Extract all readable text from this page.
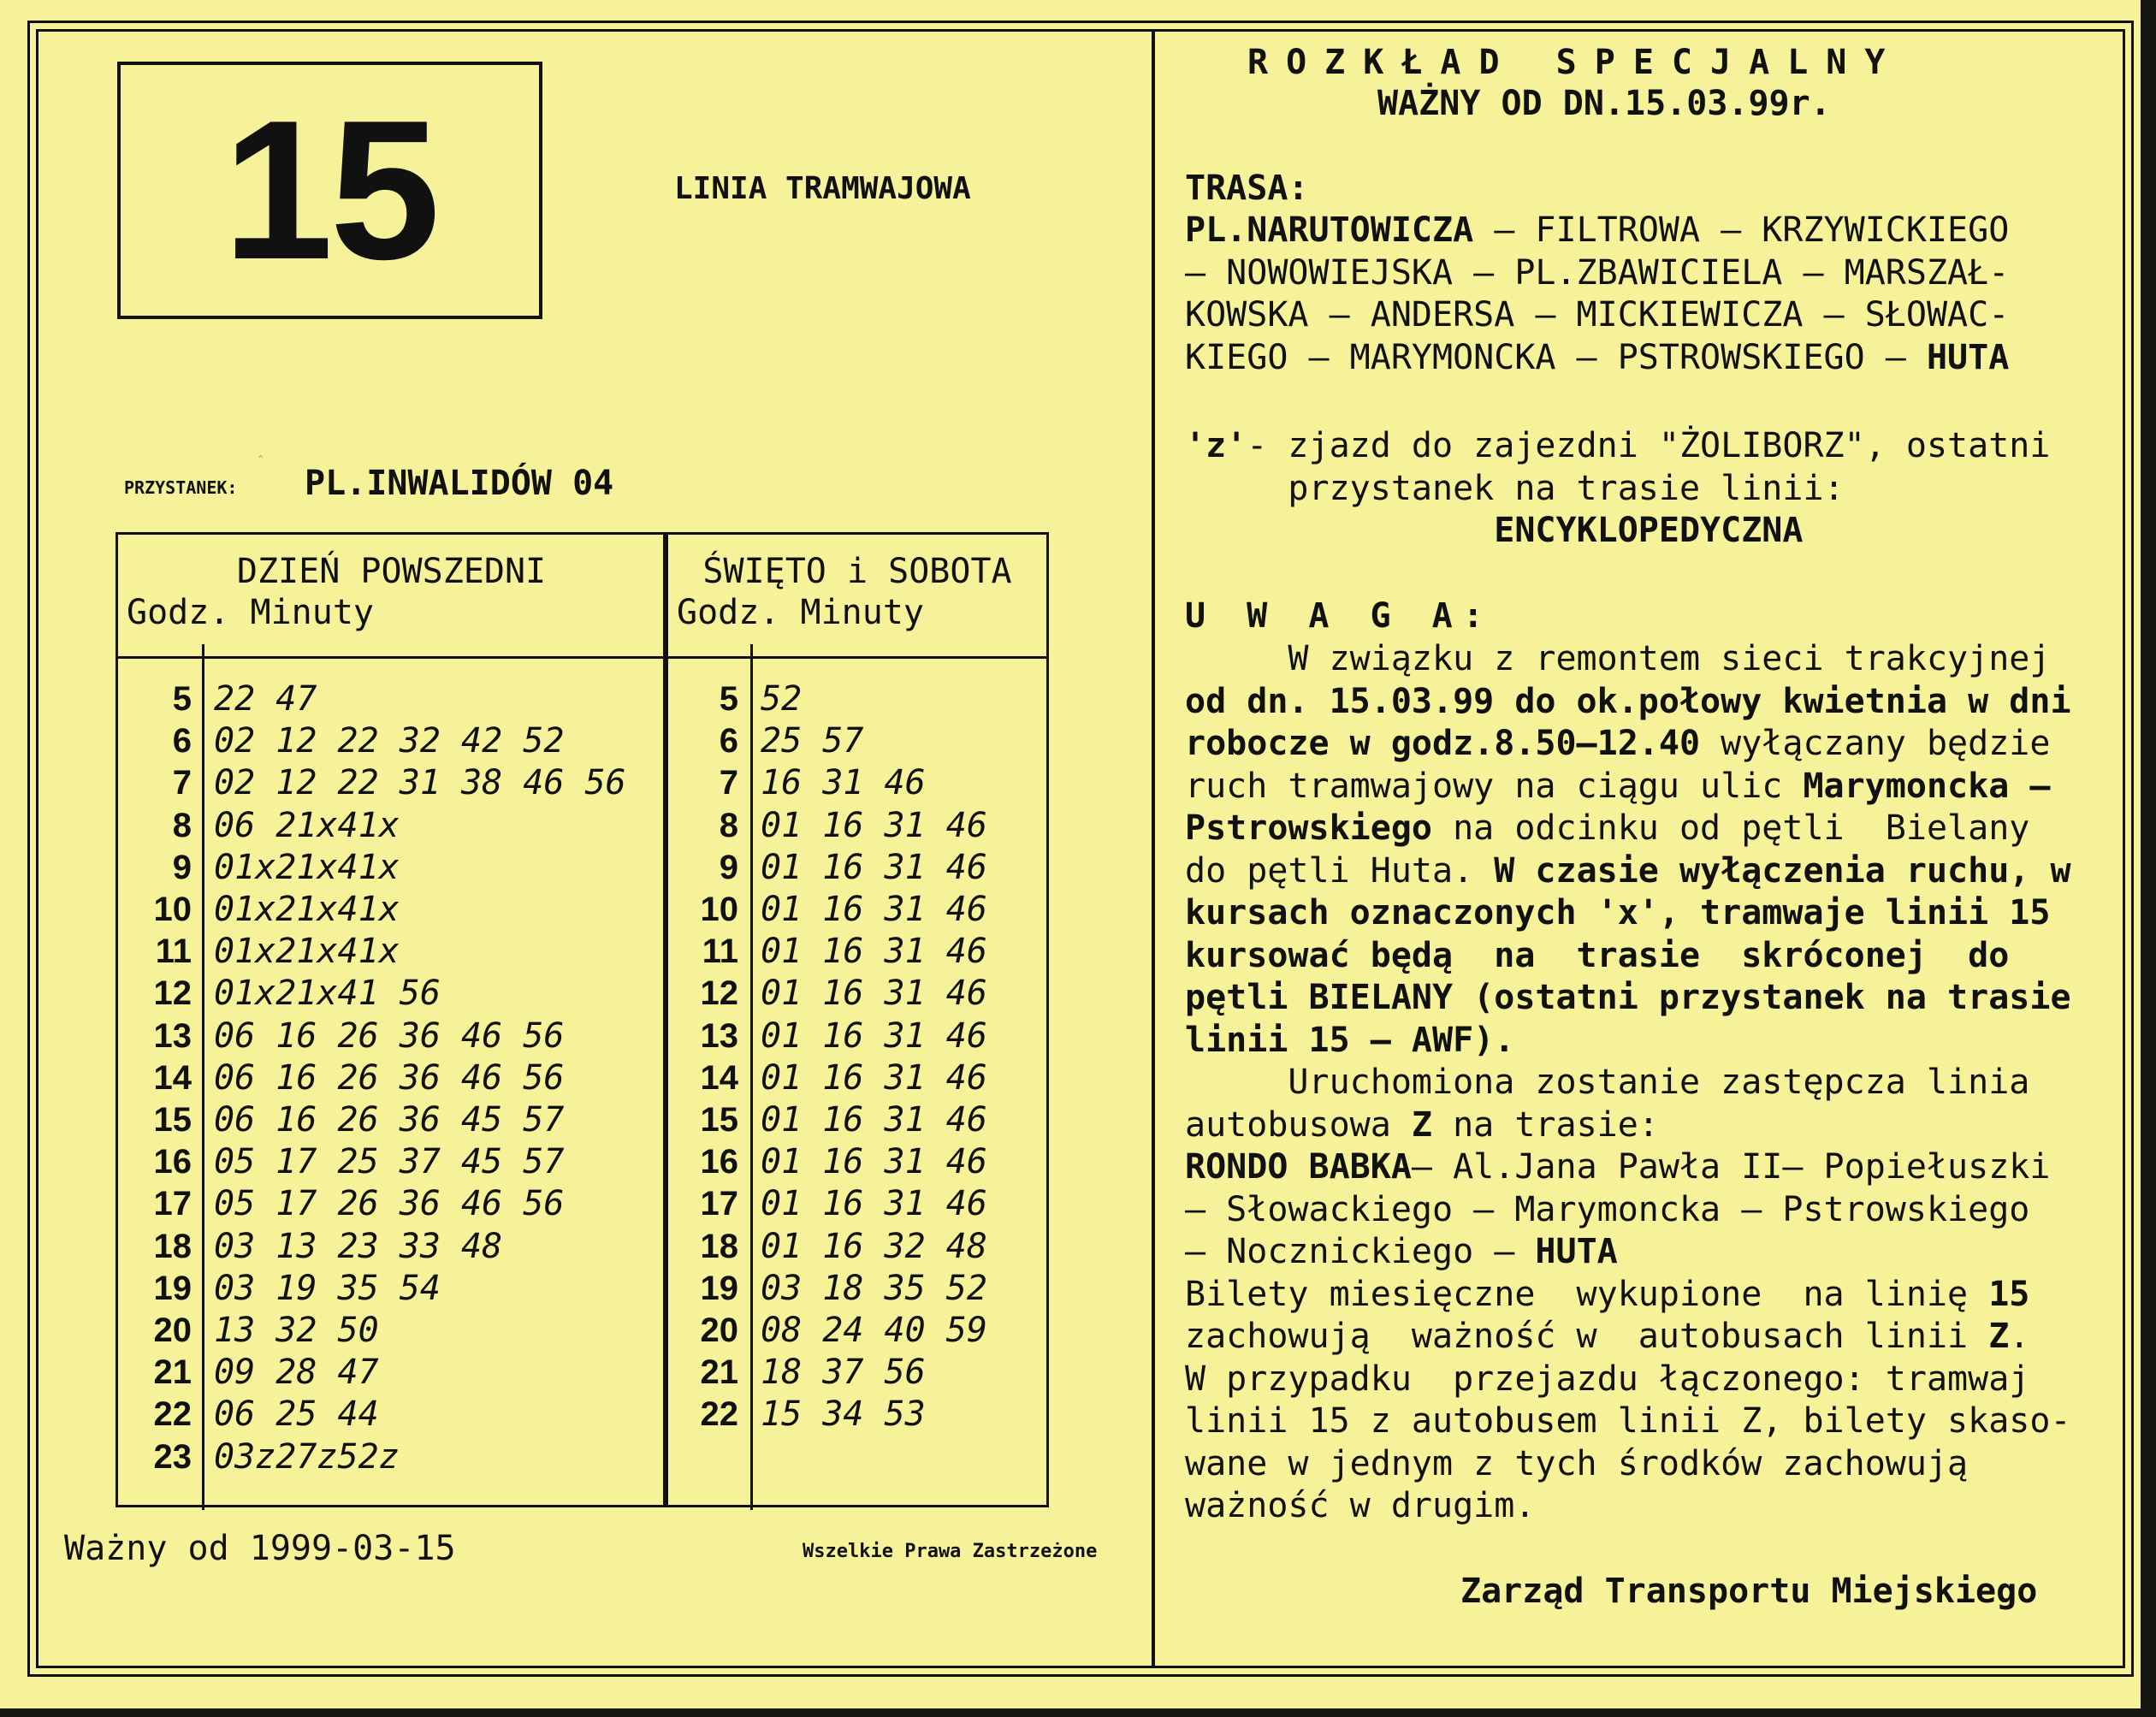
15	LINIA TRAMWAJOWA
‸
PRZYSTANEK: PL.INWALIDÓW 04
DZIEŃ POWSZEDNI
Godz. Minuty
5 22 47
6 02 12 22 32 42 52
7 02 12 22 31 38 46 56
8 06 21x41x
9 01x21x41x
10 01x21x41x
11 01x21x41x
12 01x21x41 56
13 06 16 26 36 46 56
14 06 16 26 36 46 56
15 06 16 26 36 45 57
16 05 17 25 37 45 57
17 05 17 26 36 46 56
18 03 13 23 33 48
19 03 19 35 54
20 13 32 50
21 09 28 47
22 06 25 44
23 03z27z52z
ŚWIĘTO i SOBOTA
Godz. Minuty
5 52
6 25 57
7 16 31 46
8 01 16 31 46
9 01 16 31 46
10 01 16 31 46
11 01 16 31 46
12 01 16 31 46
13 01 16 31 46
14 01 16 31 46
15 01 16 31 46
16 01 16 31 46
17 01 16 31 46
18 01 16 32 48
19 03 18 35 52
20 08 24 40 59
21 18 37 56
22 15 34 53
Ważny od 1999-03-15	Wszelkie Prawa Zastrzeżone
ROZKŁAD SPECJALNY
WAŻNY OD DN.15.03.99r.
TRASA:
PL.NARUTOWICZA – FILTROWA – KRZYWICKIEGO
– NOWOWIEJSKA – PL.ZBAWICIELA – MARSZAŁ-
KOWSKA – ANDERSA – MICKIEWICZA – SŁOWAC-
KIEGO – MARYMONCKA – PSTROWSKIEGO – HUTA
'z'- zjazd do zajezdni "ŻOLIBORZ", ostatni
przystanek na trasie linii:
ENCYKLOPEDYCZNA
U W A G A:
W związku z remontem sieci trakcyjnej
od dn. 15.03.99 do ok.połowy kwietnia w dni
robocze w godz.8.50–12.40 wyłączany będzie
ruch tramwajowy na ciągu ulic Marymoncka –
Pstrowskiego na odcinku od pętli  Bielany
do pętli Huta. W czasie wyłączenia ruchu, w
kursach oznaczonych 'x', tramwaje linii 15
kursować będą  na  trasie  skróconej  do
pętli BIELANY (ostatni przystanek na trasie
linii 15 – AWF).
Uruchomiona zostanie zastępcza linia
autobusowa Z na trasie:
RONDO BABKA– Al.Jana Pawła II– Popiełuszki
– Słowackiego – Marymoncka – Pstrowskiego
– Nocznickiego – HUTA
Bilety miesięczne  wykupione  na linię 15
zachowują  ważność w  autobusach linii Z.
W przypadku  przejazdu łączonego: tramwaj
linii 15 z autobusem linii Z, bilety skaso-
wane w jednym z tych środków zachowują
ważność w drugim.
Zarząd Transportu Miejskiego
